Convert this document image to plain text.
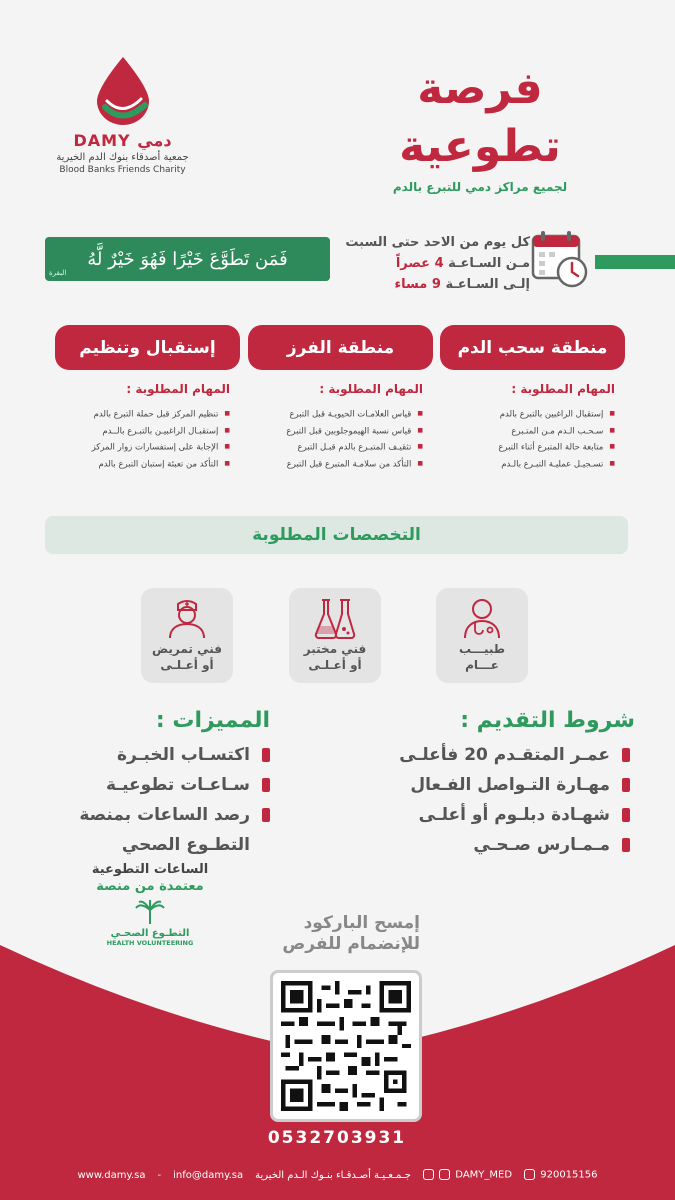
DAMY دمي
جمعية أصدقاء بنوك الدم الخيرية
Blood Banks Friends Charity
فرصة
تطوعية
لجميع مراكز دمي للتبرع بالدم
فَمَن تَطَوَّعَ خَيْرًا فَهُوَ خَيْرٌ لَّهُ
البقرة
كل يوم من الاحد حتى السبت
مـن السـاعـة 4 عصراً
إلـى السـاعـة 9 مساء
منطقة سحب الدم
منطقة الفرز
إستقبال وتنظيم
المهام المطلوبة :
المهام المطلوبة :
المهام المطلوبة :
■ إستقبال الراغبين بالتبرع بالدم
■ سـحـب الـدم مـن المتـبرع
■ متابعة حالة المتبرع أثناء التبرع
■ تسـجيـل عمليـة التبـرع بالـدم
■ قياس العلامـات الحيويـة قبل التبرع
■ قياس نسبة الهيموجلوبين قبل التبرع
■ تثقيـف المتبـرع بالدم قبـل التبرع
■ التأكد من سلامـة المتبرع قبل التبرع
■ تنظيم المركز قبل حملة التبرع بالدم
■ إستقبـال الراغبيـن بالتبـرع بالــدم
■ الإجابة على إستفسارات زوار المركز
■ التأكد من تعبئة إستبان التبرع بالدم
التخصصات المطلوبة
طبيـــب
عـــام
فني مختبر
أو أعـلـى
فني تمريض
أو أعـلـى
شروط التقديم :
عمـر المتقـدم 20 فأعلـى
مهـارة التـواصل الفـعال
شهـادة دبلـوم أو أعلـى
مـمـارس صـحـي
المميزات :
اكتسـاب الخبـرة
سـاعـات تطوعيـة
رصد الساعات بمنصة
التطـوع الصحي
الساعات التطوعية
معتمدة من منصة
التطـوع الصحـي
HEALTH VOLUNTEERING
إمسح الباركود
للإنضمام للفرص
0532703931
www.damy.sa - info@damy.sa جـمـعـيـة أصـدقـاء بنـوك الـدم الخيرية	DAMY_MED	920015156
